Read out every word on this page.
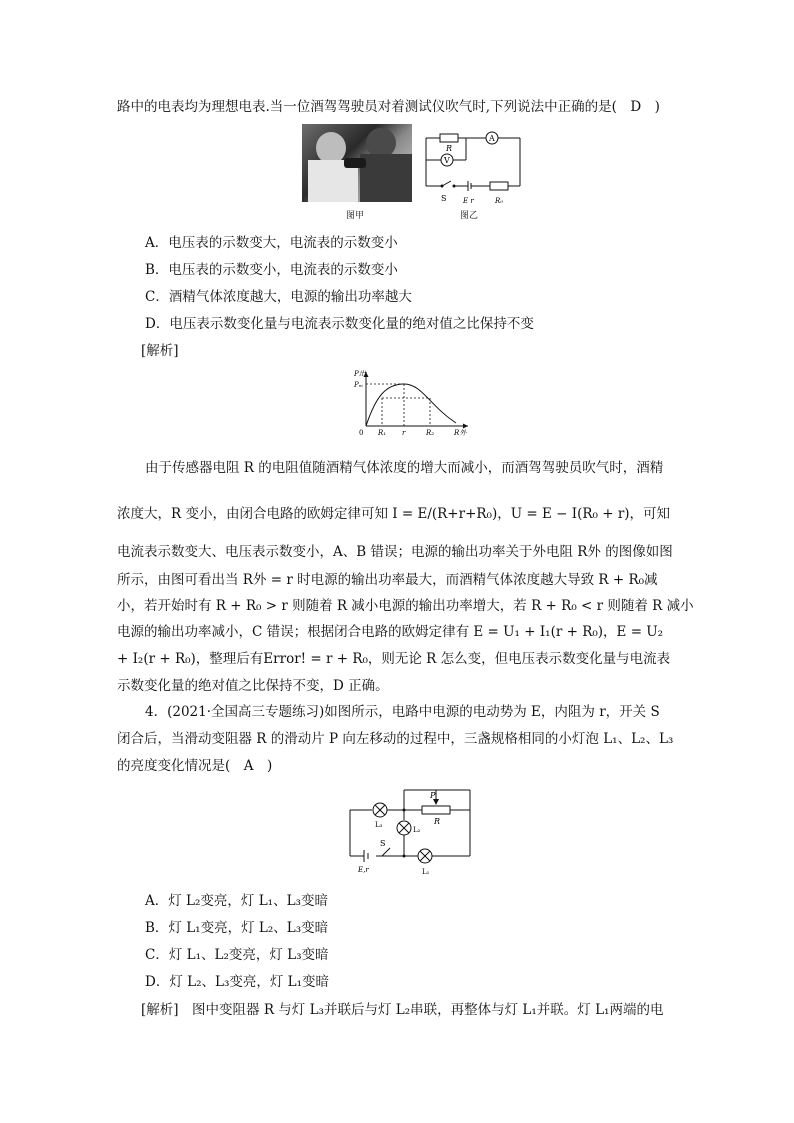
路中的电表均为理想电表.当一位酒驾驾驶员对着测试仪吹气时,下列说法中正确的是(　D　)
图甲
R
A
V
S E r	R₀
图乙
A．电压表的示数变大，电流表的示数变小
B．电压表的示数变小，电流表的示数变小
C．酒精气体浓度越大，电源的输出功率越大
D．电压表示数变化量与电流表示数变化量的绝对值之比保持不变
[解析]
P出
Pₘ
0 R₁ r	R₂	R外
由于传感器电阻 R 的电阻值随酒精气体浓度的增大而减小，而酒驾驾驶员吹气时，酒精
浓度大，R 变小，由闭合电路的欧姆定律可知 I = E/(R+r+R₀)，U = E − I(R₀ + r)，可知
电流表示数变大、电压表示数变小，A、B 错误；电源的输出功率关于外电阻 R外 的图像如图
所示，由图可看出当 R外 = r 时电源的输出功率最大，而酒精气体浓度越大导致 R + R₀减
小，若开始时有 R + R₀ > r 则随着 R 减小电源的输出功率增大，若 R + R₀ < r 则随着 R 减小
电源的输出功率减小，C 错误；根据闭合电路的欧姆定律有 E = U₁ + I₁(r + R₀)，E = U₂
+ I₂(r + R₀)，整理后有Error! = r + R₀，则无论 R 怎么变，但电压表示数变化量与电流表
示数变化量的绝对值之比保持不变，D 正确。
4．(2021·全国高三专题练习)如图所示，电路中电源的电动势为 E，内阻为 r，开关 S
闭合后，当滑动变阻器 R 的滑动片 P 向左移动的过程中，三盏规格相同的小灯泡 L₁、L₂、L₃
的亮度变化情况是(　A　)
P
R
L₃
L₂
L₁
S
E,r
A．灯 L₂变亮，灯 L₁、L₃变暗
B．灯 L₁变亮，灯 L₂、L₃变暗
C．灯 L₁、L₂变亮，灯 L₃变暗
D．灯 L₂、L₃变亮，灯 L₁变暗
[解析]　图中变阻器 R 与灯 L₃并联后与灯 L₂串联，再整体与灯 L₁并联。灯 L₁两端的电
